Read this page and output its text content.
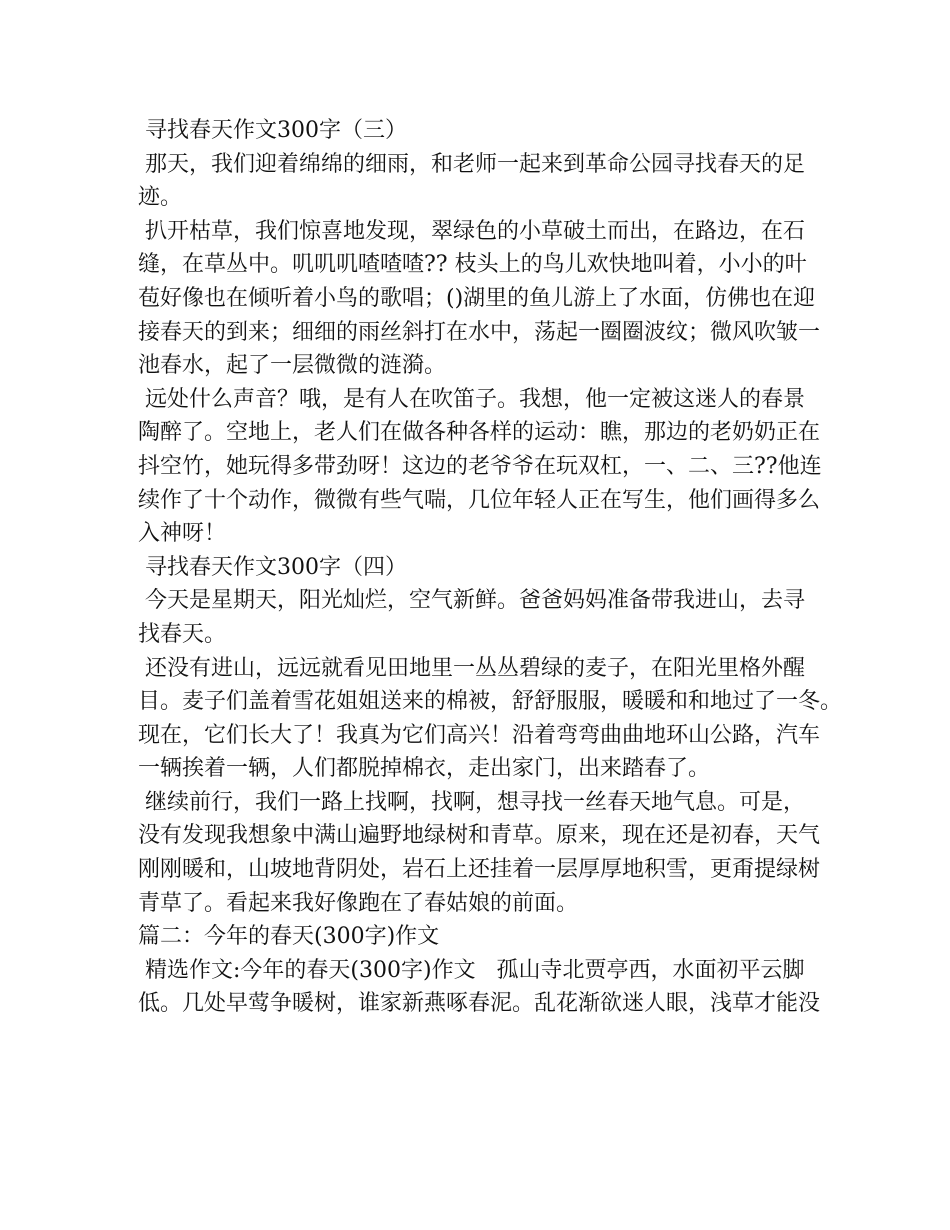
寻找春天作文300字（三）
那天，我们迎着绵绵的细雨，和老师一起来到革命公园寻找春天的足
迹。
扒开枯草，我们惊喜地发现，翠绿色的小草破土而出，在路边，在石
缝，在草丛中。叽叽叽喳喳喳?? 枝头上的鸟儿欢快地叫着，小小的叶
苞好像也在倾听着小鸟的歌唱；()湖里的鱼儿游上了水面，仿佛也在迎
接春天的到来；细细的雨丝斜打在水中，荡起一圈圈波纹；微风吹皱一
池春水，起了一层微微的涟漪。
远处什么声音？哦，是有人在吹笛子。我想，他一定被这迷人的春景
陶醉了。空地上，老人们在做各种各样的运动：瞧，那边的老奶奶正在
抖空竹，她玩得多带劲呀！这边的老爷爷在玩双杠，一、二、三??他连
续作了十个动作，微微有些气喘，几位年轻人正在写生，他们画得多么
入神呀！
寻找春天作文300字（四）
今天是星期天，阳光灿烂，空气新鲜。爸爸妈妈准备带我进山，去寻
找春天。
还没有进山，远远就看见田地里一丛丛碧绿的麦子，在阳光里格外醒
目。麦子们盖着雪花姐姐送来的棉被，舒舒服服，暖暖和和地过了一冬。
现在，它们长大了！我真为它们高兴！沿着弯弯曲曲地环山公路，汽车
一辆挨着一辆，人们都脱掉棉衣，走出家门，出来踏春了。
继续前行，我们一路上找啊，找啊，想寻找一丝春天地气息。可是，
没有发现我想象中满山遍野地绿树和青草。原来，现在还是初春，天气
刚刚暖和，山坡地背阴处，岩石上还挂着一层厚厚地积雪，更甭提绿树
青草了。看起来我好像跑在了春姑娘的前面。
篇二：今年的春天(300字)作文
精选作文:今年的春天(300字)作文   孤山寺北贾亭西，水面初平云脚
低。几处早莺争暖树，谁家新燕啄春泥。乱花渐欲迷人眼，浅草才能没
